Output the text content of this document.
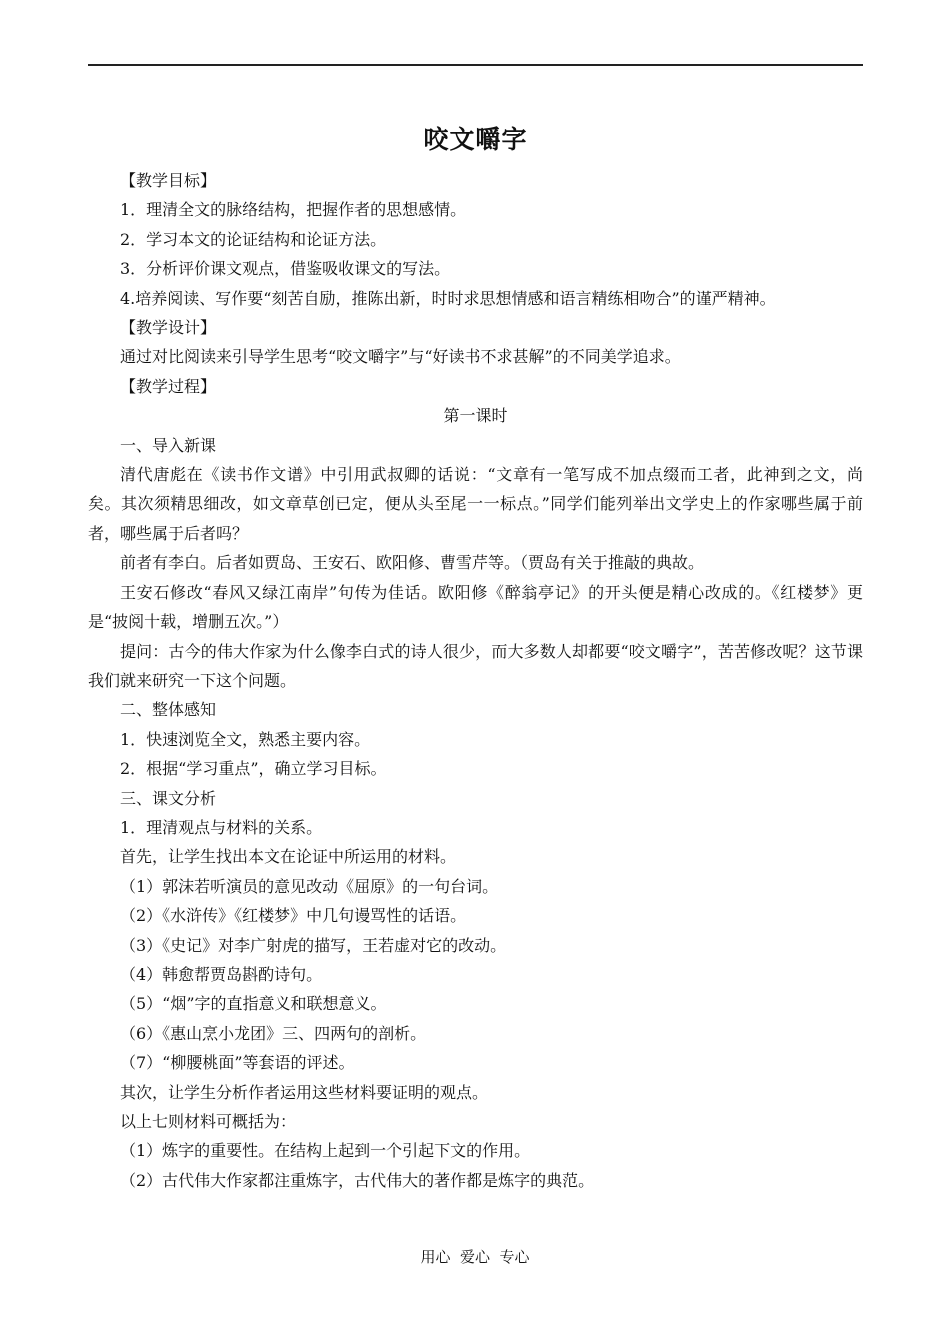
咬文嚼字

【教学目标】

1．理清全文的脉络结构，把握作者的思想感情。

2．学习本文的论证结构和论证方法。

3．分析评价课文观点，借鉴吸收课文的写法。

4.培养阅读、写作要“刻苦自励，推陈出新，时时求思想情感和语言精练相吻合”的谨严精神。

【教学设计】

通过对比阅读来引导学生思考“咬文嚼字”与“好读书不求甚解”的不同美学追求。

【教学过程】

第一课时

一、导入新课

清代唐彪在《读书作文谱》中引用武叔卿的话说：“文章有一笔写成不加点缀而工者，此神到之文，尚矣。其次须精思细改，如文章草创已定，便从头至尾一一标点。”同学们能列举出文学史上的作家哪些属于前者，哪些属于后者吗？

前者有李白。后者如贾岛、王安石、欧阳修、曹雪芹等。（贾岛有关于推敲的典故。

王安石修改“春风又绿江南岸”句传为佳话。欧阳修《醉翁亭记》的开头便是精心改成的。《红楼梦》更是“披阅十载，增删五次。”）

提问：古今的伟大作家为什么像李白式的诗人很少，而大多数人却都要“咬文嚼字”，苦苦修改呢？这节课我们就来研究一下这个问题。

二、整体感知

1．快速浏览全文，熟悉主要内容。

2．根据“学习重点”，确立学习目标。

三、课文分析

1．理清观点与材料的关系。

首先，让学生找出本文在论证中所运用的材料。

（1）郭沫若听演员的意见改动《屈原》的一句台词。

（2）《水浒传》《红楼梦》中几句谩骂性的话语。

（3）《史记》对李广射虎的描写，王若虚对它的改动。

（4）韩愈帮贾岛斟酌诗句。

（5）“烟”字的直指意义和联想意义。

（6）《惠山烹小龙团》三、四两句的剖析。

（7）“柳腰桃面”等套语的评述。

其次，让学生分析作者运用这些材料要证明的观点。

以上七则材料可概括为：

（1）炼字的重要性。在结构上起到一个引起下文的作用。

（2）古代伟大作家都注重炼字，古代伟大的著作都是炼字的典范。

用心  爱心  专心
